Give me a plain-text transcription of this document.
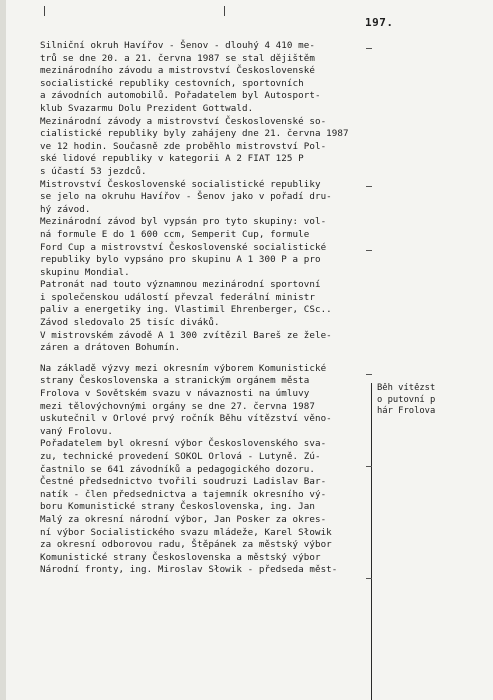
197.
Silniční okruh Havířov - Šenov - dlouhý 4 410 me-
trů se dne 20. a 21. června 1987 se stal dějištěm
mezinárodního závodu a mistrovství Československé
socialistické republiky cestovních, sportovních
a závodních automobilů. Pořadatelem byl Autosport-
klub Svazarmu Dolu Prezident Gottwald.
Mezinárodní závody a mistrovství Československé so-
cialistické republiky byly zahájeny dne 21. června 1987
ve 12 hodin. Současně zde proběhlo mistrovství Pol-
ské lidové republiky v kategorii A 2 FIAT 125 P
s účastí 53 jezdců.
Mistrovství Československé socialistické republiky
se jelo na okruhu Havířov - Šenov jako v pořadí dru-
hý závod.
Mezinárodní závod byl vypsán pro tyto skupiny: vol-
ná formule E do 1 600 ccm, Semperit Cup, formule
Ford Cup a mistrovství Československé socialistické
republiky bylo vypsáno pro skupinu A 1 300 P a pro
skupinu Mondial.
Patronát nad touto významnou mezinárodní sportovní
i společenskou událostí převzal federální ministr
paliv a energetiky ing. Vlastimil Ehrenberger, CSc..
Závod sledovalo 25 tisíc diváků.
V mistrovském závodě A 1 300 zvítězil Bareš ze žele-
záren a drátoven Bohumín.
Na základě výzvy mezi okresním výborem Komunistické
strany Československa a stranickým orgánem města
Frolova v Sovětském svazu v návaznosti na úmluvy
mezi tělovýchovnými orgány se dne 27. června 1987
uskutečnil v Orlové prvý ročník Běhu vítězství věno-
vaný Frolovu.
Pořadatelem byl okresní výbor Československého sva-
zu, technické provedení SOKOL Orlová - Lutyně. Zú-
častnilo se 641 závodníků a pedagogického dozoru.
Čestné předsednictvo tvořili soudruzi Ladislav Bar-
natík - člen předsednictva a tajemník okresního vý-
boru Komunistické strany Československa, ing. Jan
Malý za okresní národní výbor, Jan Posker za okres-
ní výbor Socialistického svazu mládeže, Karel Słowik
za okresní odborovou radu, Štěpánek za městský výbor
Komunistické strany Československa a městský výbor
Národní fronty, ing. Miroslav Słowik - předseda měst-
Běh vítězst
o putovní p
hár Frolova
